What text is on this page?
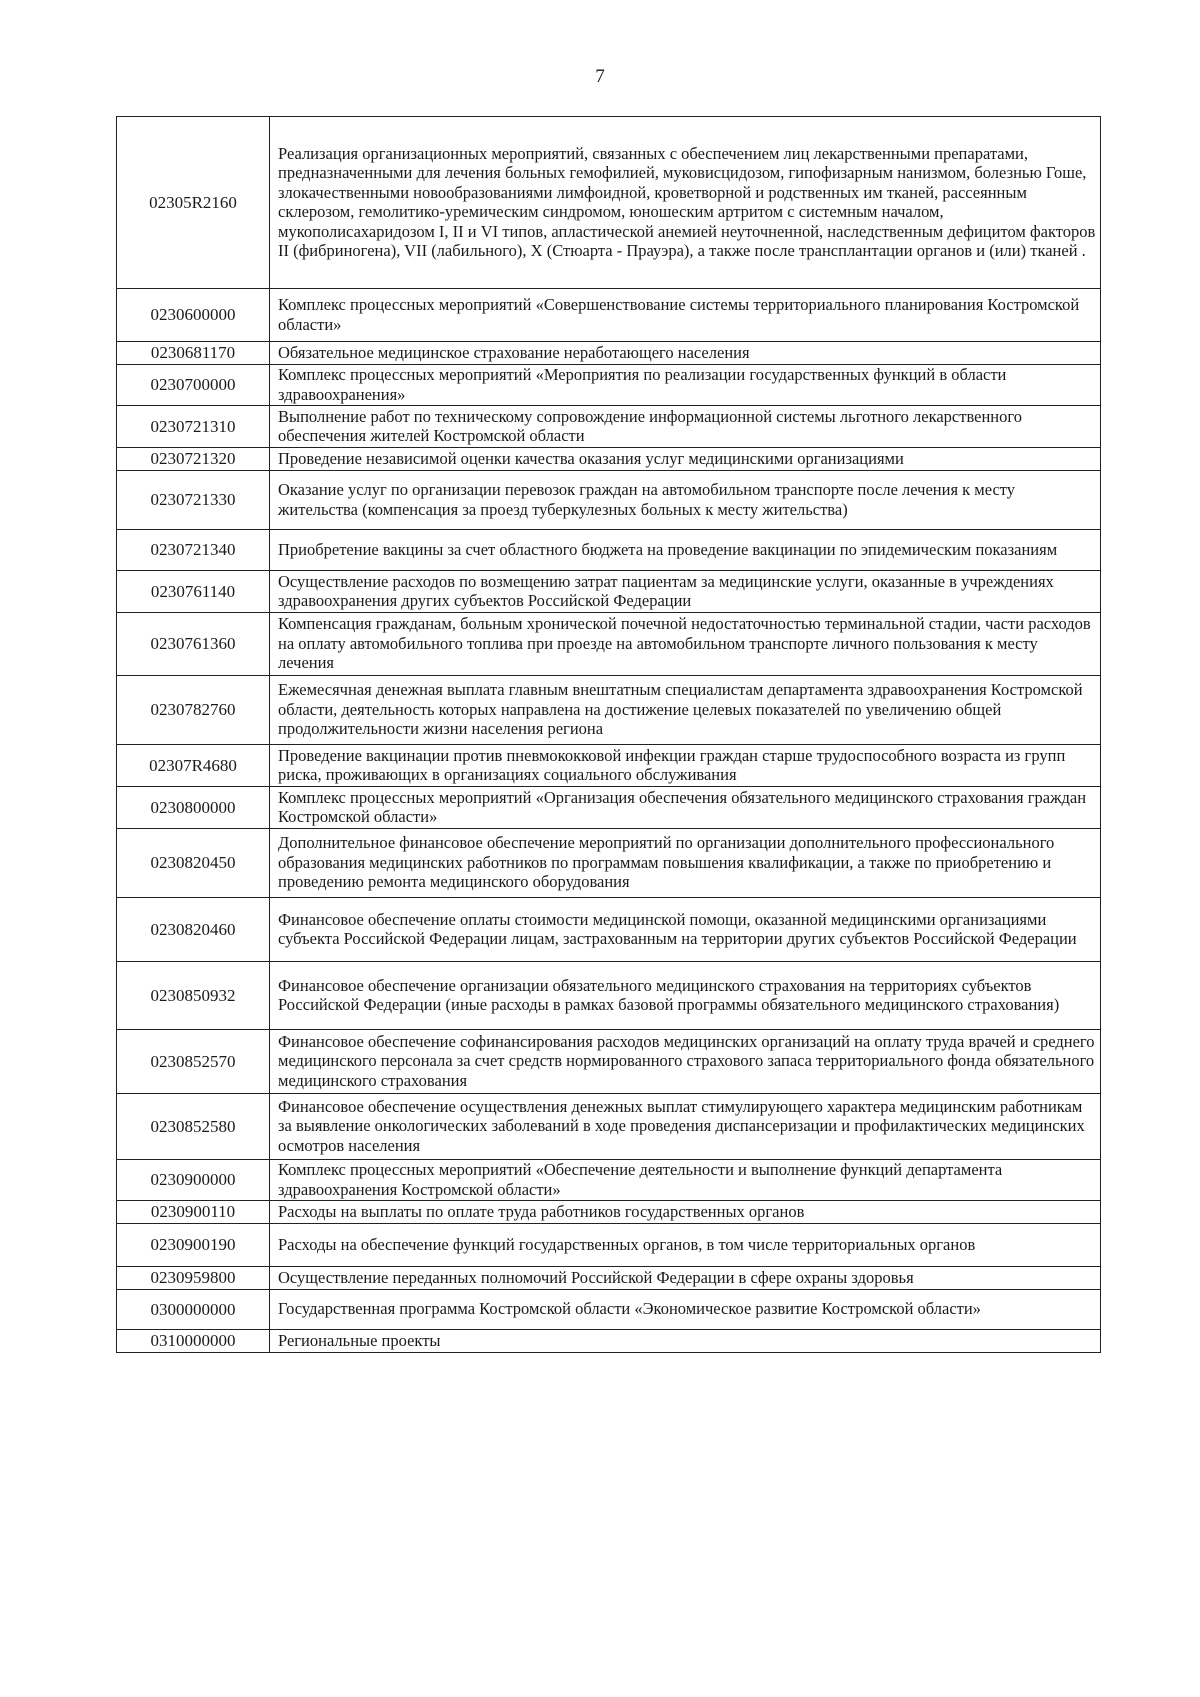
7
02305R2160	Реализация организационных мероприятий, связанных с обеспечением лиц лекарственными препаратами, предназначенными для лечения больных гемофилией, муковисцидозом, гипофизарным нанизмом, болезнью Гоше, злокачественными новообразованиями лимфоидной, кроветворной и родственных им тканей, рассеянным склерозом, гемолитико-уремическим синдромом, юношеским артритом с системным началом, мукополисахаридозом I, II и VI типов, апластической анемией неуточненной, наследственным дефицитом факторов II (фибриногена), VII (лабильного), X (Стюарта - Прауэра), а также после трансплантации органов и (или) тканей .
0230600000	Комплекс процессных мероприятий «Совершенствование системы территориального планирования Костромской области»
0230681170	Обязательное медицинское страхование неработающего населения
0230700000	Комплекс процессных мероприятий «Мероприятия по реализации государственных функций в области здравоохранения»
0230721310	Выполнение работ по техническому сопровождение информационной системы льготного лекарственного обеспечения жителей Костромской области
0230721320	Проведение независимой оценки качества оказания услуг медицинскими организациями
0230721330	Оказание услуг по организации перевозок граждан на автомобильном транспорте после лечения к месту жительства (компенсация за проезд туберкулезных больных к месту жительства)
0230721340	Приобретение вакцины за счет областного бюджета на проведение вакцинации по эпидемическим показаниям
0230761140	Осуществление расходов по возмещению затрат пациентам за медицинские услуги, оказанные в учреждениях здравоохранения других субъектов Российской Федерации
0230761360	Компенсация гражданам, больным хронической почечной недостаточностью терминальной стадии, части расходов на оплату автомобильного топлива при проезде на автомобильном транспорте личного пользования к месту лечения
0230782760	Ежемесячная денежная выплата главным внештатным специалистам департамента здравоохранения Костромской области, деятельность которых направлена на достижение целевых показателей по увеличению общей продолжительности жизни населения региона
02307R4680	Проведение вакцинации против пневмококковой инфекции граждан старше трудоспособного возраста из групп риска, проживающих в организациях социального обслуживания
0230800000	Комплекс процессных мероприятий «Организация обеспечения обязательного медицинского страхования граждан Костромской области»
0230820450	Дополнительное финансовое обеспечение мероприятий по организации дополнительного профессионального образования медицинских работников по программам повышения квалификации, а также по приобретению и проведению ремонта медицинского оборудования
0230820460	Финансовое обеспечение оплаты стоимости медицинской помощи, оказанной медицинскими организациями субъекта Российской Федерации лицам, застрахованным на территории других субъектов Российской Федерации
0230850932	Финансовое обеспечение организации обязательного медицинского страхования на территориях субъектов Российской Федерации (иные расходы в рамках базовой программы обязательного медицинского страхования)
0230852570	Финансовое обеспечение софинансирования расходов медицинских организаций на оплату труда врачей и среднего медицинского персонала за счет средств нормированного страхового запаса территориального фонда обязательного медицинского страхования
0230852580	Финансовое обеспечение осуществления денежных выплат стимулирующего характера медицинским работникам за выявление онкологических заболеваний в ходе проведения диспансеризации и профилактических медицинских осмотров населения
0230900000	Комплекс процессных мероприятий «Обеспечение деятельности и выполнение функций департамента здравоохранения Костромской области»
0230900110	Расходы на выплаты по оплате труда работников государственных органов
0230900190	Расходы на обеспечение функций государственных органов, в том числе территориальных органов
0230959800	Осуществление переданных полномочий Российской Федерации в сфере охраны здоровья
0300000000	Государственная программа Костромской области «Экономическое развитие Костромской области»
0310000000	Региональные проекты
